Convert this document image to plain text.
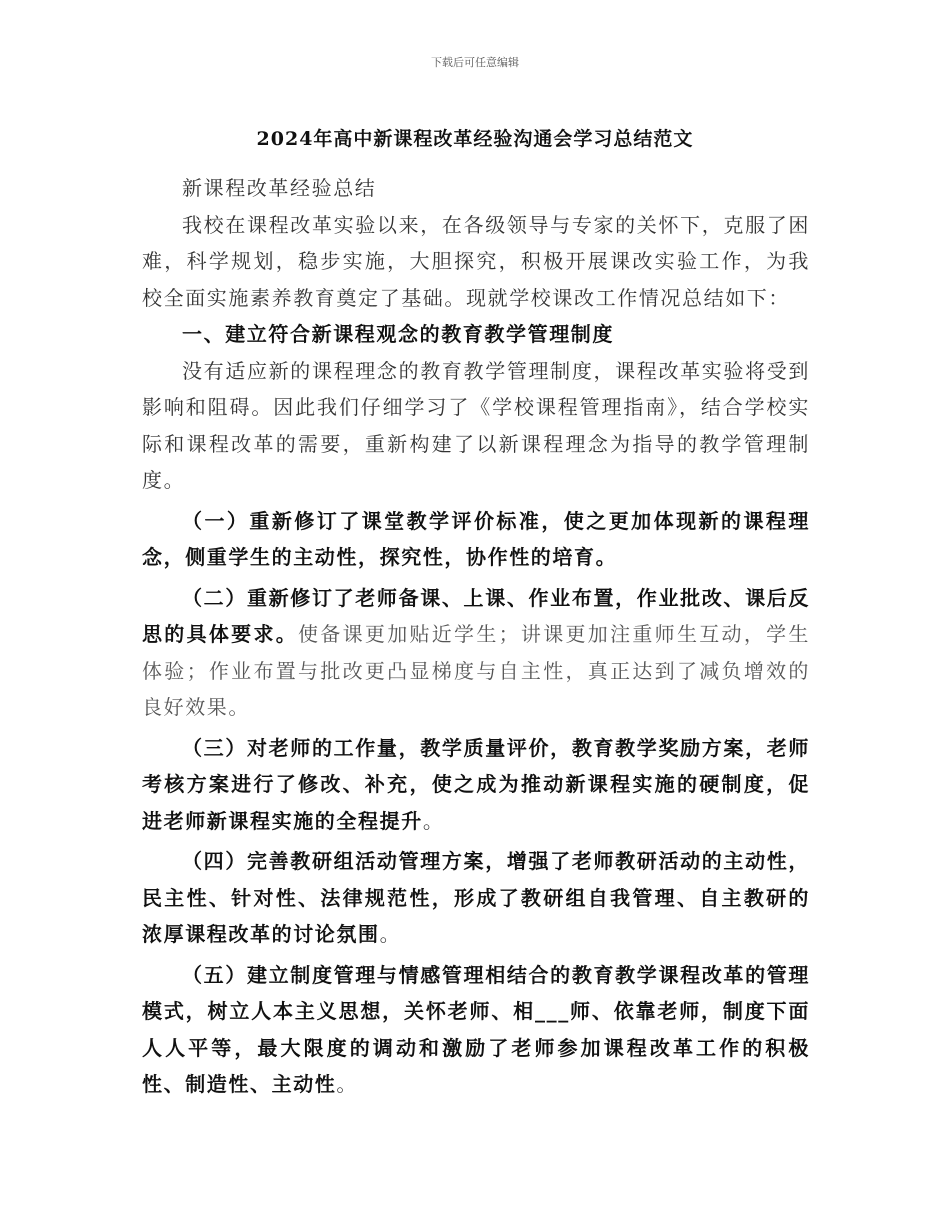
下载后可任意编辑
2024年高中新课程改革经验沟通会学习总结范文

新课程改革经验总结

我校在课程改革实验以来，在各级领导与专家的关怀下，克服了困难，科学规划，稳步实施，大胆探究，积极开展课改实验工作，为我校全面实施素养教育奠定了基础。现就学校课改工作情况总结如下：

一、建立符合新课程观念的教育教学管理制度

没有适应新的课程理念的教育教学管理制度，课程改革实验将受到影响和阻碍。因此我们仔细学习了《学校课程管理指南》，结合学校实际和课程改革的需要，重新构建了以新课程理念为指导的教学管理制度。

（一）重新修订了课堂教学评价标准，使之更加体现新的课程理念，侧重学生的主动性，探究性，协作性的培育。

（二）重新修订了老师备课、上课、作业布置，作业批改、课后反思的具体要求。使备课更加贴近学生；讲课更加注重师生互动，学生体验；作业布置与批改更凸显梯度与自主性，真正达到了减负增效的良好效果。

（三）对老师的工作量，教学质量评价，教育教学奖励方案，老师考核方案进行了修改、补充，使之成为推动新课程实施的硬制度，促进老师新课程实施的全程提升。

（四）完善教研组活动管理方案，增强了老师教研活动的主动性，民主性、针对性、法律规范性，形成了教研组自我管理、自主教研的浓厚课程改革的讨论氛围。

（五）建立制度管理与情感管理相结合的教育教学课程改革的管理模式，树立人本主义思想，关怀老师、相___师、依靠老师，制度下面人人平等，最大限度的调动和激励了老师参加课程改革工作的积极性、制造性、主动性。
